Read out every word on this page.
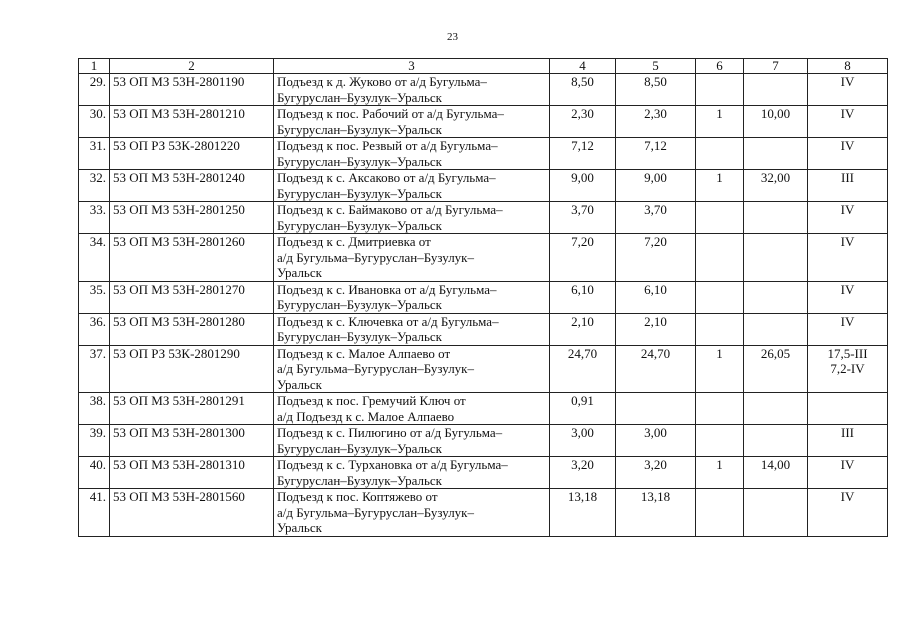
23
1	2	3	4	5	6	7	8
29.	53 ОП МЗ 53Н-2801190	Подъезд к д. Жуково от а/д Бугульма–
Бугуруслан–Бузулук–Уральск	8,50	8,50			IV

30.	53 ОП МЗ 53Н-2801210	Подъезд к пос. Рабочий от а/д Бугульма–
Бугуруслан–Бузулук–Уральск	2,30	2,30	1	10,00	IV

31.	53 ОП РЗ 53К-2801220	Подъезд к пос. Резвый от а/д Бугульма–
Бугуруслан–Бузулук–Уральск	7,12	7,12			IV

32.	53 ОП МЗ 53Н-2801240	Подъезд к с. Аксаково от а/д Бугульма–
Бугуруслан–Бузулук–Уральск	9,00	9,00	1	32,00	III

33.	53 ОП МЗ 53Н-2801250	Подъезд к с. Баймаково от а/д Бугульма–
Бугуруслан–Бузулук–Уральск	3,70	3,70			IV

34.	53 ОП МЗ 53Н-2801260	Подъезд к с. Дмитриевка от
а/д Бугульма–Бугуруслан–Бузулук–
Уральск	7,20	7,20			IV

35.	53 ОП МЗ 53Н-2801270	Подъезд к с. Ивановка от а/д Бугульма–
Бугуруслан–Бузулук–Уральск	6,10	6,10			IV

36.	53 ОП МЗ 53Н-2801280	Подъезд к с. Ключевка от а/д Бугульма–
Бугуруслан–Бузулук–Уральск	2,10	2,10			IV

37.	53 ОП РЗ 53К-2801290	Подъезд к с. Малое Алпаево от
а/д Бугульма–Бугуруслан–Бузулук–
Уральск	24,70	24,70	1	26,05	17,5-III
7,2-IV

38.	53 ОП МЗ 53Н-2801291	Подъезд к пос. Гремучий Ключ от
а/д Подъезд к с. Малое Алпаево	0,91				
39.	53 ОП МЗ 53Н-2801300	Подъезд к с. Пилюгино от а/д Бугульма–
Бугуруслан–Бузулук–Уральск	3,00	3,00			III

40.	53 ОП МЗ 53Н-2801310	Подъезд к с. Турхановка от а/д Бугульма–
Бугуруслан–Бузулук–Уральск	3,20	3,20	1	14,00	IV

41.	53 ОП МЗ 53Н-2801560	Подъезд к пос. Коптяжево от
а/д Бугульма–Бугуруслан–Бузулук–
Уральск	13,18	13,18			IV
